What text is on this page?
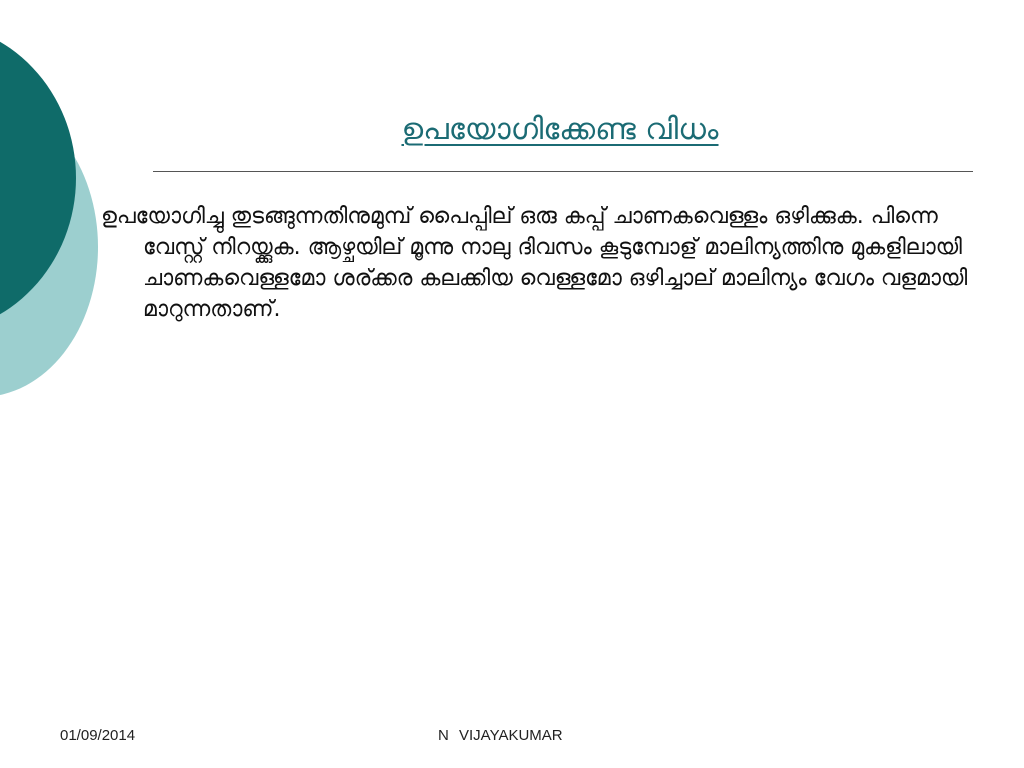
ഉപയോഗിക്കേണ്ട വിധം

ഉപയോഗിച്ചു തുടങ്ങുന്നതിനുമുമ്പ് പൈപ്പില് ഒരു കപ്പ് ചാണകവെള്ളം ഒഴിക്കുക. പിന്നെ വേസ്റ്റ് നിറയ്ക്കുക. ആഴ്ചയില് മൂന്നു നാലു ദിവസം കൂടുമ്പോള് മാലിന്യത്തിനു മുകളിലായി ചാണകവെള്ളമോ ശര്ക്കര കലക്കിയ വെള്ളമോ ഒഴിച്ചാല് മാലിന്യം വേഗം വളമായി മാറുന്നതാണ്.

01/09/2014	N VIJAYAKUMAR
